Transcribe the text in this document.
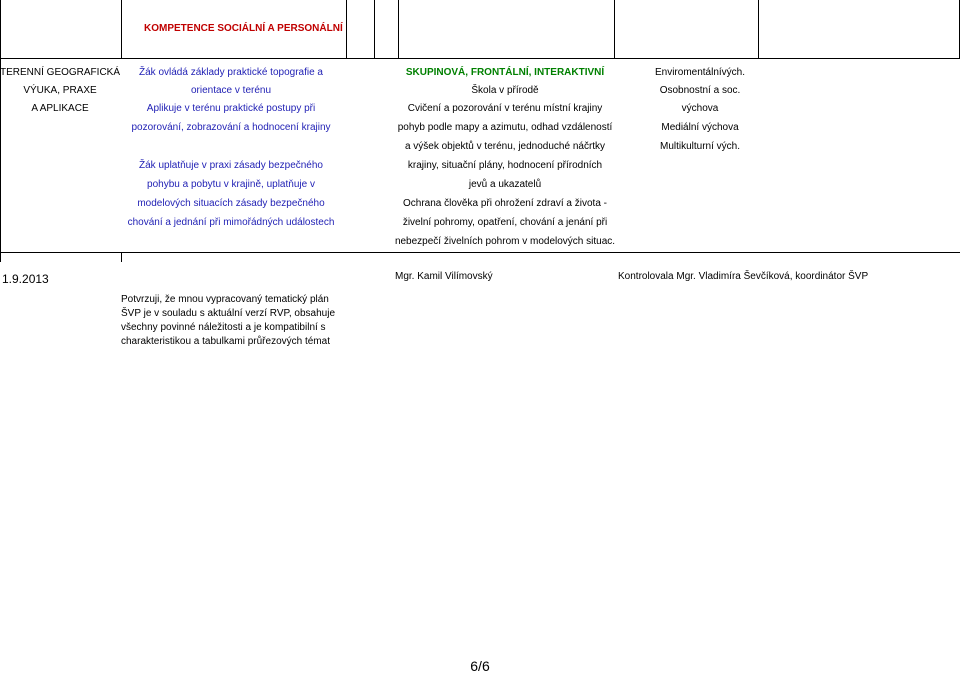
KOMPETENCE SOCIÁLNÍ A PERSONÁLNÍ
TERENNÍ GEOGRAFICKÁ
VÝUKA, PRAXE
A APLIKACE
Žák ovládá základy praktické topografie a
orientace v terénu
Aplikuje v terénu praktické postupy při
pozorování, zobrazování a hodnocení krajiny
Žák uplatňuje v praxi zásady bezpečného
pohybu a pobytu v krajině, uplatňuje v
modelových situacích zásady bezpečného
chování a jednání při mimořádných událostech
SKUPINOVÁ, FRONTÁLNÍ, INTERAKTIVNÍ
Škola v přírodě
Cvičení a pozorování v terénu místní krajiny
pohyb podle mapy a azimutu, odhad vzdáleností
a výšek objektů v terénu, jednoduché náčrtky
krajiny, situační plány, hodnocení přírodních
jevů a ukazatelů
Ochrana člověka při ohrožení zdraví a života -
živelní pohromy, opatření, chování a jenání při
nebezpečí živelních pohrom v modelových situac.
Enviromentálnívých.
Osobnostní a soc.
výchova
Mediální výchova
Multikulturní vých.
1.9.2013	Mgr. Kamil Vilímovský	Kontrolovala Mgr. Vladimíra Ševčíková, koordinátor ŠVP
Potvrzuji, že mnou vypracovaný tematický plán ŠVP je v souladu s aktuální verzí RVP, obsahuje všechny povinné náležitosti a je kompatibilní s charakteristikou a tabulkami průřezových témat
6/6
